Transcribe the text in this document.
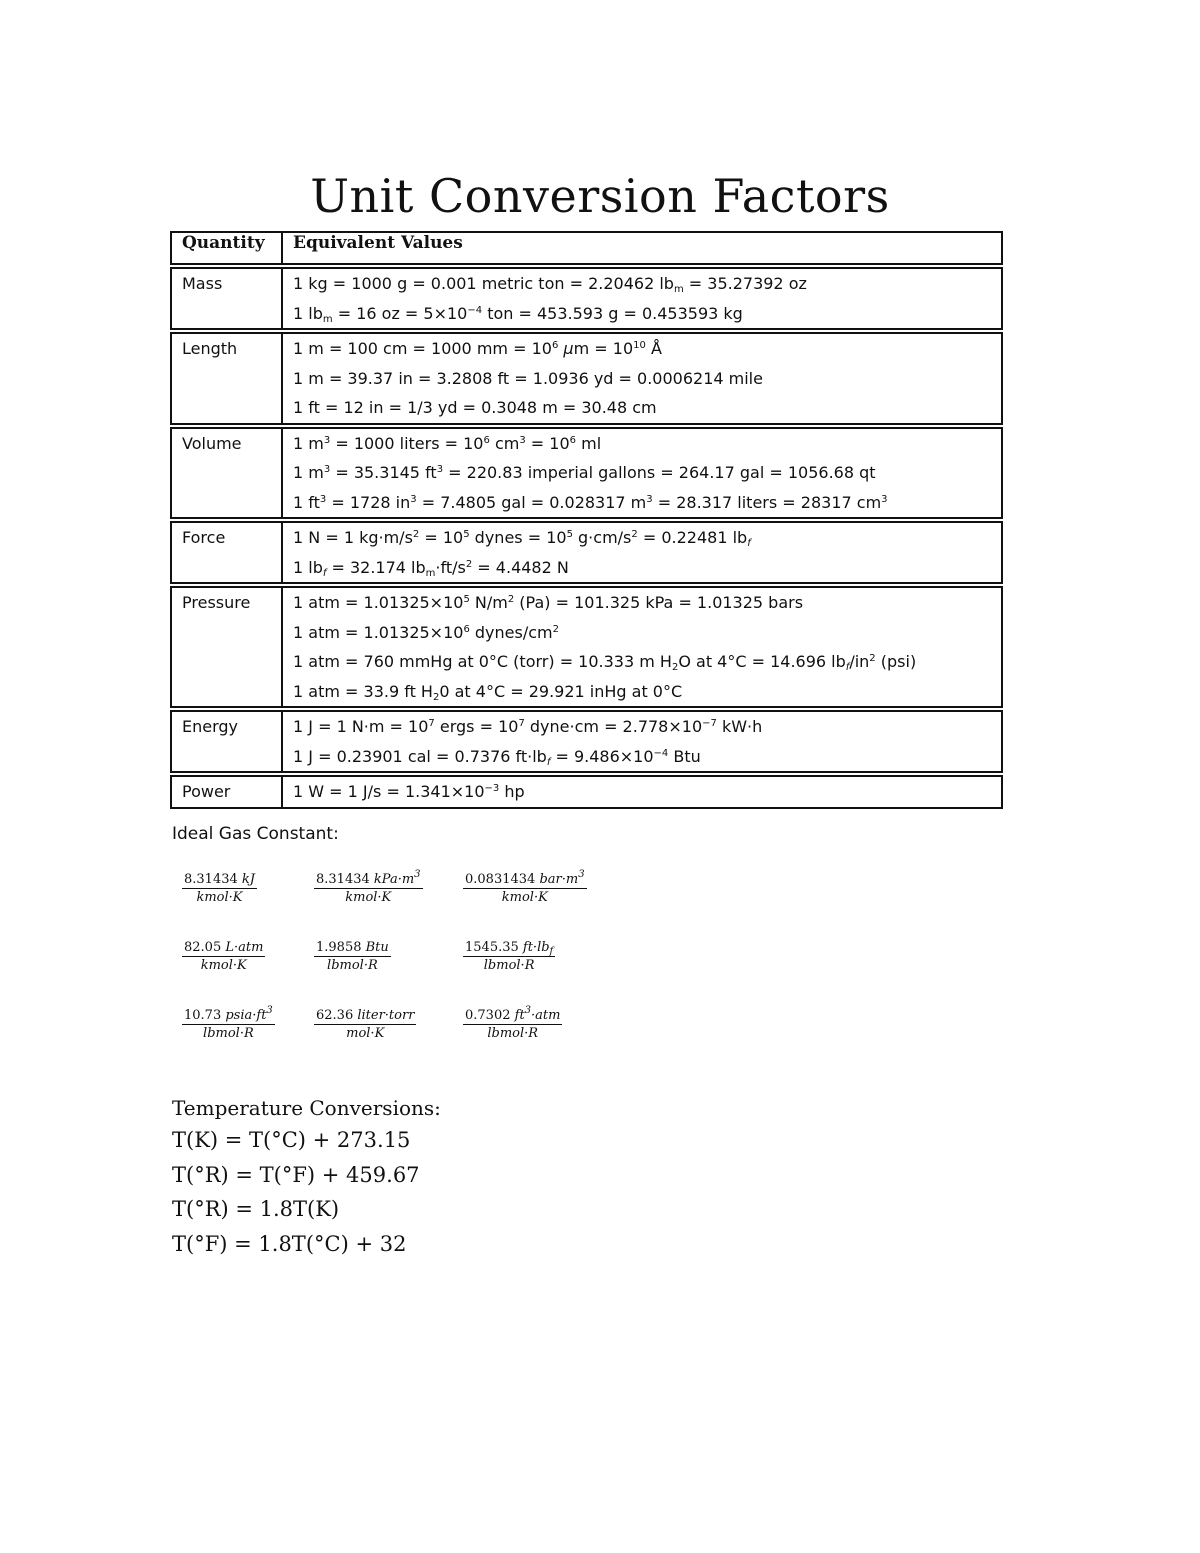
Unit Conversion Factors
Quantity	Equivalent Values

Mass	1 kg = 1000 g = 0.001 metric ton = 2.20462 $lb_m = 35.27392$ oz
1 $lb_m = 16$ oz = $5\times 10^{-4}$ ton = 453.593 g = 0.453593 kg

Length	1 m = 100 cm = 1000 mm = $10^6$ $\mu m = 10^{10}$ Å
1 m = 39.37 in = 3.2808 ft = 1.0936 yd = 0.0006214 mile
1 ft = 12 in = 1/3 yd = 0.3048 m = 30.48 cm

Volume	1 $m^3 = 1000$ liters = $10^6$ $cm^3 = 10^6$ ml
1 $m^3 = 35.3145$ $ft^3 = 220.83$ imperial gallons = 264.17 gal = 1056.68 qt
1 $ft^3 = 1728$ $in^3 = 7.4805$ gal = 0.028317 $m^3 = 28.317$ liters = 28317 $cm^3$

Force	1 N = 1 $kg\cdot m/s^2 = 10^5$ dynes = $10^5$ $g\cdot cm/s^2 = 0.22481$ $lb_f$
1 $lb_f = 32.174$ $lb_m\cdot ft/s^2 = 4.4482$ N

Pressure	1 atm = $1.01325\times 10^5$ $N/m^2$ (Pa) = 101.325 kPa = 1.01325 bars
1 atm = $1.01325\times 10^6$ dynes/$cm^2$
1 atm = 760 mmHg at 0°C (torr) = 10.333 m $H_2O$ at 4°C = 14.696 $lb_f/in^2$ (psi)
1 atm = 33.9 ft $H_20$ at 4°C = 29.921 inHg at 0°C

Energy	1 J = 1 $N\cdot m = 10^7$ ergs = $10^7$ dyne·cm = $2.778\times 10^{-7}$ kW·h
1 J = 0.23901 cal = 0.7376 $ft\cdot lb_f = 9.486\times 10^{-4}$ Btu

Power	1 W = 1 $J/s = 1.341\times 10^{-3}$ hp
Ideal Gas Constant:
8.31434 kJ
kmol·K
8.31434 $kPa\cdot m^3$
kmol·K
0.0831434 $bar\cdot m^3$
kmol·K
82.05 L·atm
kmol·K
1.9858 Btu
lbmol·R
1545.35 $ft\cdot lb_f$
lbmol·R
10.73 $psia\cdot ft^3$
lbmol·R
62.36 liter·torr
mol·K
0.7302 $ft^3\cdot atm$
lbmol·R
Temperature Conversions:
T(K) = T(°C) + 273.15
T(°R) = T(°F) + 459.67
T(°R) = 1.8T(K)
T(°F) = 1.8T(°C) + 32
